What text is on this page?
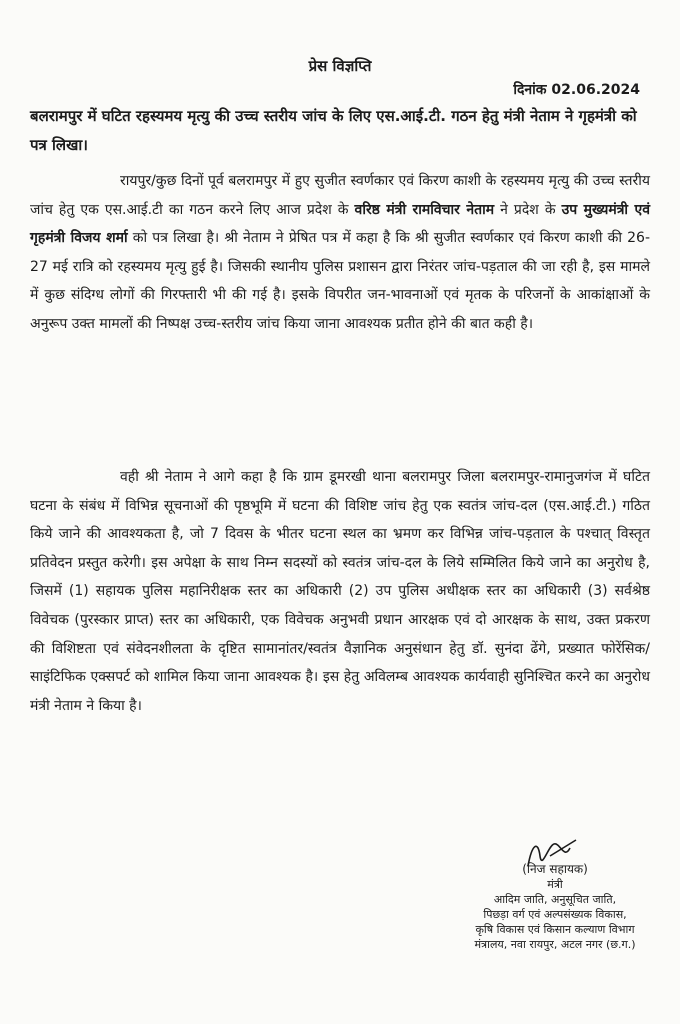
प्रेस विज्ञप्ति
दिनांक 02.06.2024
बलरामपुर में घटित रहस्यमय मृत्यु की उच्च स्तरीय जांच के लिए एस.आई.टी. गठन हेतु मंत्री नेताम ने गृहमंत्री को पत्र लिखा।

रायपुर/कुछ दिनों पूर्व बलरामपुर में हुए सुजीत स्वर्णकार एवं किरण काशी के रहस्यमय मृत्यु की उच्च स्तरीय जांच हेतु एक एस.आई.टी का गठन करने लिए आज प्रदेश के वरिष्ठ मंत्री रामविचार नेताम ने प्रदेश के उप मुख्यमंत्री एवं गृहमंत्री विजय शर्मा को पत्र लिखा है। श्री नेताम ने प्रेषित पत्र में कहा है कि श्री सुजीत स्वर्णकार एवं किरण काशी की 26-27 मई रात्रि को रहस्यमय मृत्यु हुई है। जिसकी स्थानीय पुलिस प्रशासन द्वारा निरंतर जांच-पड़ताल की जा रही है, इस मामले में कुछ संदिग्ध लोगों की गिरफ्तारी भी की गई है। इसके विपरीत जन-भावनाओं एवं मृतक के परिजनों के आकांक्षाओं के अनुरूप उक्त मामलों की निष्पक्ष उच्च-स्तरीय जांच किया जाना आवश्यक प्रतीत होने की बात कही है।

वही श्री नेताम ने आगे कहा है कि ग्राम डूमरखी थाना बलरामपुर जिला बलरामपुर-रामानुजगंज में घटित घटना के संबंध में विभिन्न सूचनाओं की पृष्ठभूमि में घटना की विशिष्ट जांच हेतु एक स्वतंत्र जांच-दल (एस.आई.टी.) गठित किये जाने की आवश्यकता है, जो 7 दिवस के भीतर घटना स्थल का भ्रमण कर विभिन्न जांच-पड़ताल के पश्चात् विस्तृत प्रतिवेदन प्रस्तुत करेगी। इस अपेक्षा के साथ निम्न सदस्यों को स्वतंत्र जांच-दल के लिये सम्मिलित किये जाने का अनुरोध है, जिसमें (1) सहायक पुलिस महानिरीक्षक स्तर का अधिकारी (2) उप पुलिस अधीक्षक स्तर का अधिकारी (3) सर्वश्रेष्ठ विवेचक (पुरस्कार प्राप्त) स्तर का अधिकारी, एक विवेचक अनुभवी प्रधान आरक्षक एवं दो आरक्षक के साथ, उक्त प्रकरण की विशिष्टता एवं संवेदनशीलता के दृष्टित सामानांतर/स्वतंत्र वैज्ञानिक अनुसंधान हेतु डॉ. सुनंदा ढेंगे, प्रख्यात फोरेंसिक/साइंटिफिक एक्सपर्ट को शामिल किया जाना आवश्यक है। इस हेतु अविलम्ब आवश्यक कार्यवाही सुनिश्चित करने का अनुरोध मंत्री नेताम ने किया है।

(निज सहायक)
मंत्री
आदिम जाति, अनुसूचित जाति,
पिछड़ा वर्ग एवं अल्पसंख्यक विकास,
कृषि विकास एवं किसान कल्याण विभाग
मंत्रालय, नवा रायपुर, अटल नगर (छ.ग.)
